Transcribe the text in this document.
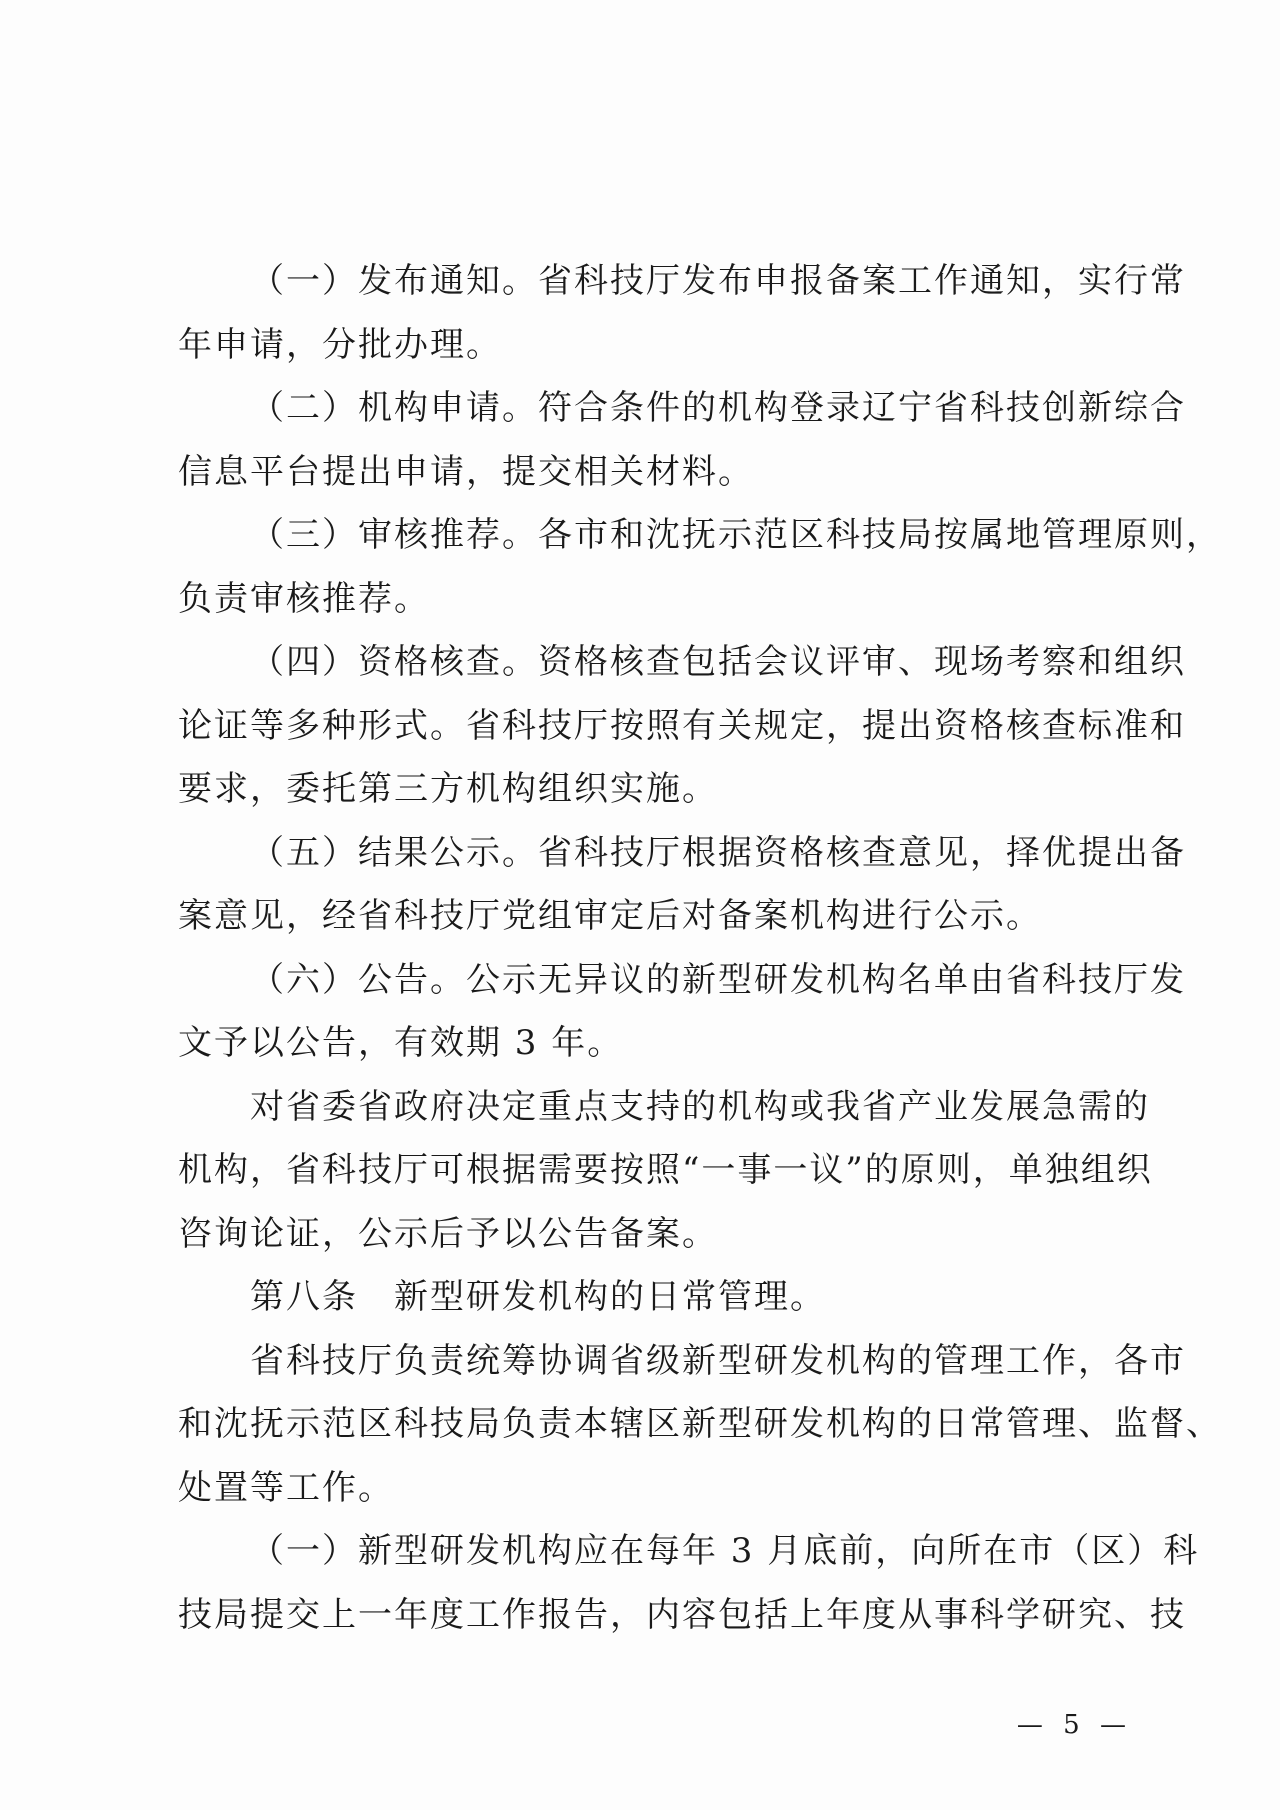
（一）发布通知。省科技厅发布申报备案工作通知，实行常
年申请，分批办理。
（二）机构申请。符合条件的机构登录辽宁省科技创新综合
信息平台提出申请，提交相关材料。
（三）审核推荐。各市和沈抚示范区科技局按属地管理原则，
负责审核推荐。
（四）资格核查。资格核查包括会议评审、现场考察和组织
论证等多种形式。省科技厅按照有关规定，提出资格核查标准和
要求，委托第三方机构组织实施。
（五）结果公示。省科技厅根据资格核查意见，择优提出备
案意见，经省科技厅党组审定后对备案机构进行公示。
（六）公告。公示无异议的新型研发机构名单由省科技厅发
文予以公告，有效期 3 年。
对省委省政府决定重点支持的机构或我省产业发展急需的
机构，省科技厅可根据需要按照“一事一议”的原则，单独组织
咨询论证，公示后予以公告备案。
第八条　新型研发机构的日常管理。
省科技厅负责统筹协调省级新型研发机构的管理工作，各市
和沈抚示范区科技局负责本辖区新型研发机构的日常管理、监督、
处置等工作。
（一）新型研发机构应在每年 3 月底前，向所在市（区）科
技局提交上一年度工作报告，内容包括上年度从事科学研究、技
— 5 —
